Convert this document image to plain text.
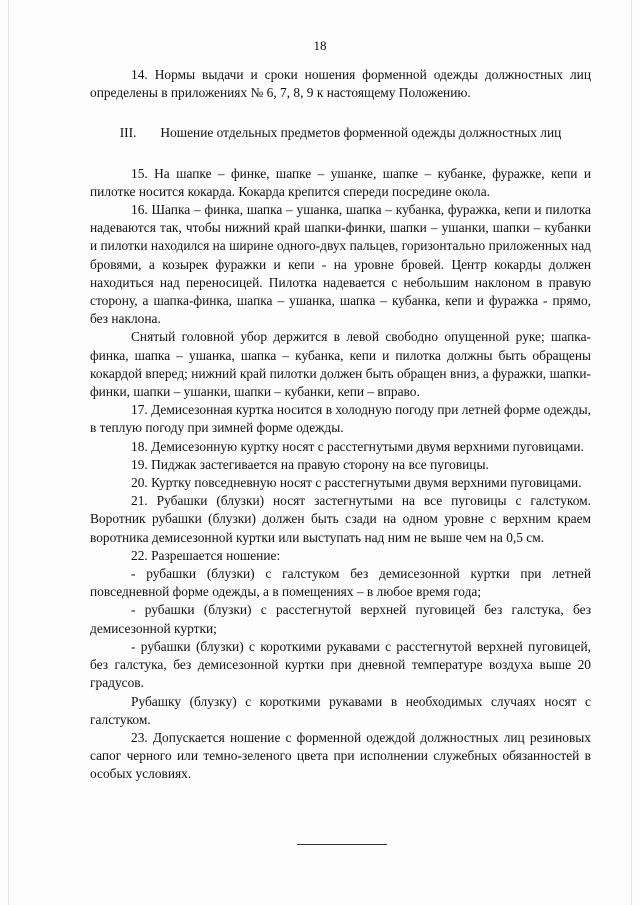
18

14. Нормы выдачи и сроки ношения форменной одежды должностных лиц определены в приложениях № 6, 7, 8, 9 к настоящему Положению.

III. Ношение отдельных предметов форменной одежды должностных лиц

15. На шапке – финке, шапке – ушанке, шапке – кубанке, фуражке, кепи и пилотке носится кокарда. Кокарда крепится спереди посредине окола.

16. Шапка – финка, шапка – ушанка, шапка – кубанка, фуражка, кепи и пилотка надеваются так, чтобы нижний край шапки-финки, шапки – ушанки, шапки – кубанки и пилотки находился на ширине одного-двух пальцев, горизонтально приложенных над бровями, а козырек фуражки и кепи - на уровне бровей. Центр кокарды должен находиться над переносицей. Пилотка надевается с небольшим наклоном в правую сторону, а шапка-финка, шапка – ушанка, шапка – кубанка, кепи и фуражка - прямо, без наклона.

Снятый головной убор держится в левой свободно опущенной руке; шапка-финка, шапка – ушанка, шапка – кубанка, кепи и пилотка должны быть обращены кокардой вперед; нижний край пилотки должен быть обращен вниз, а фуражки, шапки-финки, шапки – ушанки, шапки – кубанки, кепи – вправо.

17. Демисезонная куртка носится в холодную погоду при летней форме одежды, в теплую погоду при зимней форме одежды.

18. Демисезонную куртку носят с расстегнутыми двумя верхними пуговицами.

19. Пиджак застегивается на правую сторону на все пуговицы.

20. Куртку повседневную носят с расстегнутыми двумя верхними пуговицами.

21. Рубашки (блузки) носят застегнутыми на все пуговицы с галстуком. Воротник рубашки (блузки) должен быть сзади на одном уровне с верхним краем воротника демисезонной куртки или выступать над ним не выше чем на 0,5 см.

22. Разрешается ношение:

- рубашки (блузки) с галстуком без демисезонной куртки при летней повседневной форме одежды, а в помещениях – в любое время года;

- рубашки (блузки) с расстегнутой верхней пуговицей без галстука, без демисезонной куртки;

- рубашки (блузки) с короткими рукавами с расстегнутой верхней пуговицей, без галстука, без демисезонной куртки при дневной температуре воздуха выше 20 градусов.

Рубашку (блузку) с короткими рукавами в необходимых случаях носят с галстуком.

23. Допускается ношение с форменной одеждой должностных лиц резиновых сапог черного или темно-зеленого цвета при исполнении служебных обязанностей в особых условиях.
